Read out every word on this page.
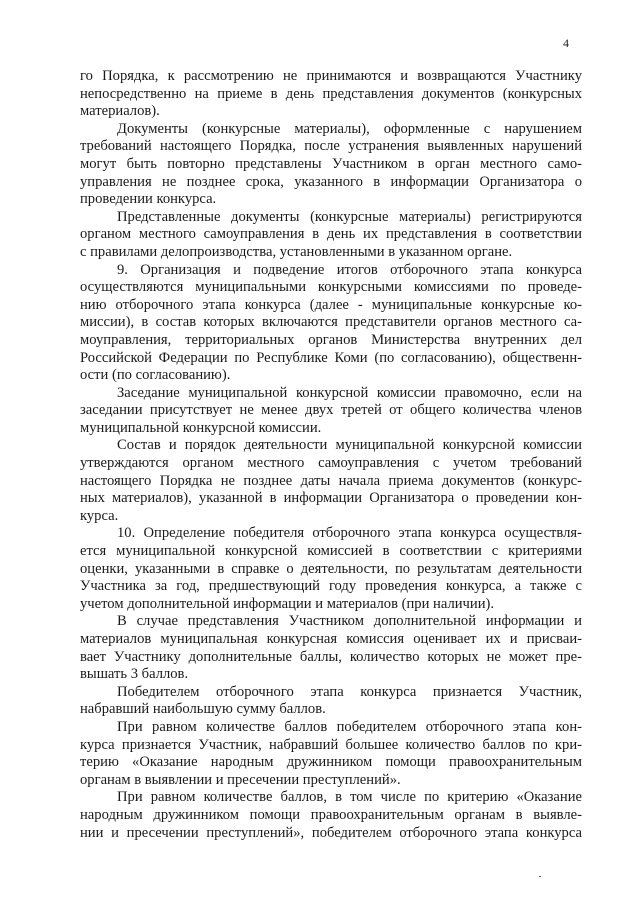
4
го Порядка, к рассмотрению не принимаются и возвращаются Участнику
непосредственно на приеме в день представления документов (конкурсных
материалов).
Документы (конкурсные материалы), оформленные с нарушением
требований настоящего Порядка, после устранения выявленных нарушений
могут быть повторно представлены Участником в орган местного само-
управления не позднее срока, указанного в информации Организатора о
проведении конкурса.
Представленные документы (конкурсные материалы) регистрируются
органом местного самоуправления в день их представления в соответствии
с правилами делопроизводства, установленными в указанном органе.
9. Организация и подведение итогов отборочного этапа конкурса
осуществляются муниципальными конкурсными комиссиями по проведе-
нию отборочного этапа конкурса (далее - муниципальные конкурсные ко-
миссии), в состав которых включаются представители органов местного са-
моуправления, территориальных органов Министерства внутренних дел
Российской Федерации по Республике Коми (по согласованию), общественн-
ости (по согласованию).
Заседание муниципальной конкурсной комиссии правомочно, если на
заседании присутствует не менее двух третей от общего количества членов
муниципальной конкурсной комиссии.
Состав и порядок деятельности муниципальной конкурсной комиссии
утверждаются органом местного самоуправления с учетом требований
настоящего Порядка не позднее даты начала приема документов (конкурс-
ных материалов), указанной в информации Организатора о проведении кон-
курса.
10. Определение победителя отборочного этапа конкурса осуществля-
ется муниципальной конкурсной комиссией в соответствии с критериями
оценки, указанными в справке о деятельности, по результатам деятельности
Участника за год, предшествующий году проведения конкурса, а также с
учетом дополнительной информации и материалов (при наличии).
В случае представления Участником дополнительной информации и
материалов муниципальная конкурсная комиссия оценивает их и присваи-
вает Участнику дополнительные баллы, количество которых не может пре-
вышать 3 баллов.
Победителем отборочного этапа конкурса признается Участник,
набравший наибольшую сумму баллов.
При равном количестве баллов победителем отборочного этапа кон-
курса признается Участник, набравший большее количество баллов по кри-
терию «Оказание народным дружинником помощи правоохранительным
органам в выявлении и пресечении преступлений».
При равном количестве баллов, в том числе по критерию «Оказание
народным дружинником помощи правоохранительным органам в выявле-
нии и пресечении преступлений», победителем отборочного этапа конкурса
